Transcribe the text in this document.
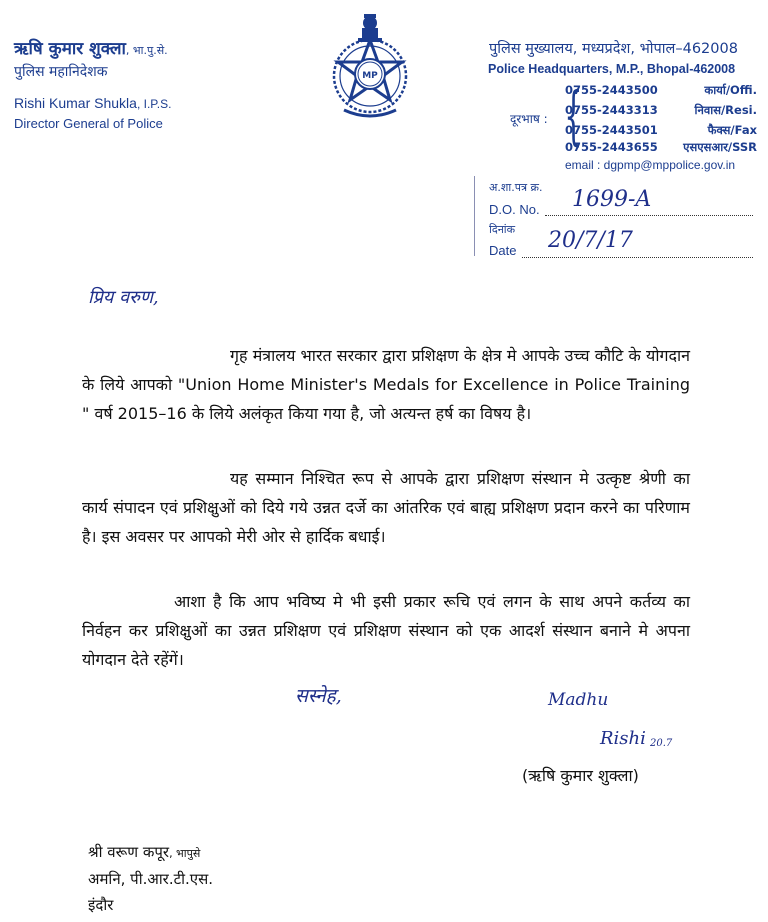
ऋषि कुमार शुक्ला, भा.पु.से.
पुलिस महानिदेशक
Rishi Kumar Shukla, I.P.S.
Director General of Police
MP
पुलिस मुख्यालय, मध्यप्रदेश, भोपाल–462008
Police Headquarters, M.P., Bhopal-462008
दूरभाष : {
0755-2443500	कार्या/Offi.
0755-2443313	निवास/Resi.
0755-2443501	फैक्स/Fax
0755-2443655 एसएसआर/SSR
email : dgpmp@mppolice.gov.in
अ.शा.पत्र क्र.
D.O. No. 1699-A
दिनांक
Date 20/7/17
प्रिय वरुण,

गृह मंत्रालय भारत सरकार द्वारा प्रशिक्षण के क्षेत्र मे आपके उच्च कौटि के योगदान के लिये आपको "Union Home Minister's Medals for Excellence in Police Training " वर्ष 2015–16 के लिये अलंकृत किया गया है, जो अत्यन्त हर्ष का विषय है।

यह सम्मान निश्चित रूप से आपके द्वारा प्रशिक्षण संस्थान मे उत्कृष्ट श्रेणी का कार्य संपादन एवं प्रशिक्षुओं को दिये गये उन्नत दर्जे का आंतरिक एवं बाह्य प्रशिक्षण प्रदान करने का परिणाम है। इस अवसर पर आपको मेरी ओर से हार्दिक बधाई।

आशा है कि आप भविष्य मे भी इसी प्रकार रूचि एवं लगन के साथ अपने कर्तव्य का निर्वहन कर प्रशिक्षुओं का उन्नत प्रशिक्षण एवं प्रशिक्षण संस्थान को एक आदर्श संस्थान बनाने मे अपना योगदान देते रहेंगें।

सस्नेह,	Madhu
Rishi 20.7
(ऋषि कुमार शुक्ला)
श्री वरूण कपूर, भापुसे
अमनि, पी.आर.टी.एस.
इंदौर
